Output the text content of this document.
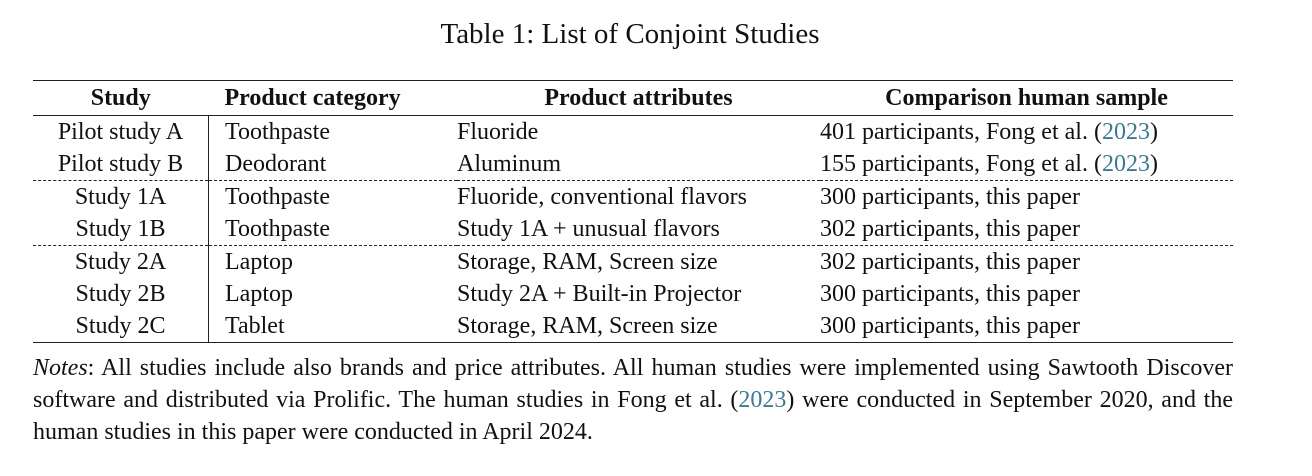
Table 1: List of Conjoint Studies
Study	Product category	Product attributes	Comparison human sample
Pilot study A	Toothpaste	Fluoride	401 participants, Fong et al. (2023)
Pilot study B	Deodorant	Aluminum	155 participants, Fong et al. (2023)
Study 1A	Toothpaste	Fluoride, conventional flavors	300 participants, this paper
Study 1B	Toothpaste	Study 1A + unusual flavors	302 participants, this paper
Study 2A	Laptop	Storage, RAM, Screen size	302 participants, this paper
Study 2B	Laptop	Study 2A + Built-in Projector	300 participants, this paper
Study 2C	Tablet	Storage, RAM, Screen size	300 participants, this paper
Notes: All studies include also brands and price attributes. All human studies were implemented using Sawtooth Discover software and distributed via Prolific. The human studies in Fong et al. (2023) were conducted in September 2020, and the human studies in this paper were conducted in April 2024.
